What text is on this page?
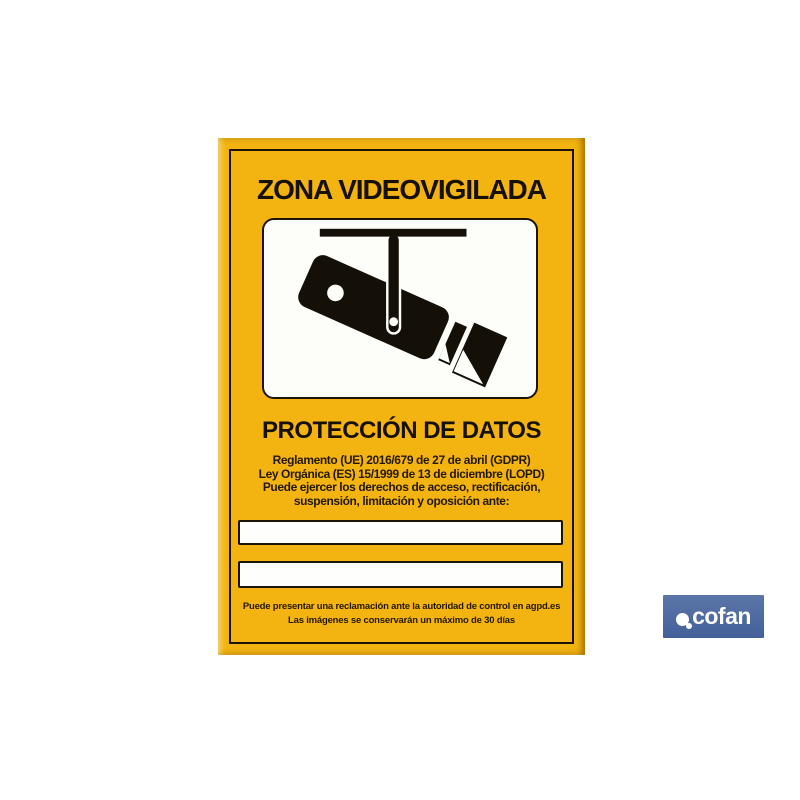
ZONA VIDEOVIGILADA
PROTECCIÓN DE DATOS
Reglamento (UE) 2016/679 de 27 de abril (GDPR)
Ley Orgánica (ES) 15/1999 de 13 de diciembre (LOPD)
Puede ejercer los derechos de acceso, rectificación,
suspensión, limitación y oposición ante:
Puede presentar una reclamación ante la autoridad de control en agpd.es
Las imágenes se conservarán un máximo de 30 días	cofan
